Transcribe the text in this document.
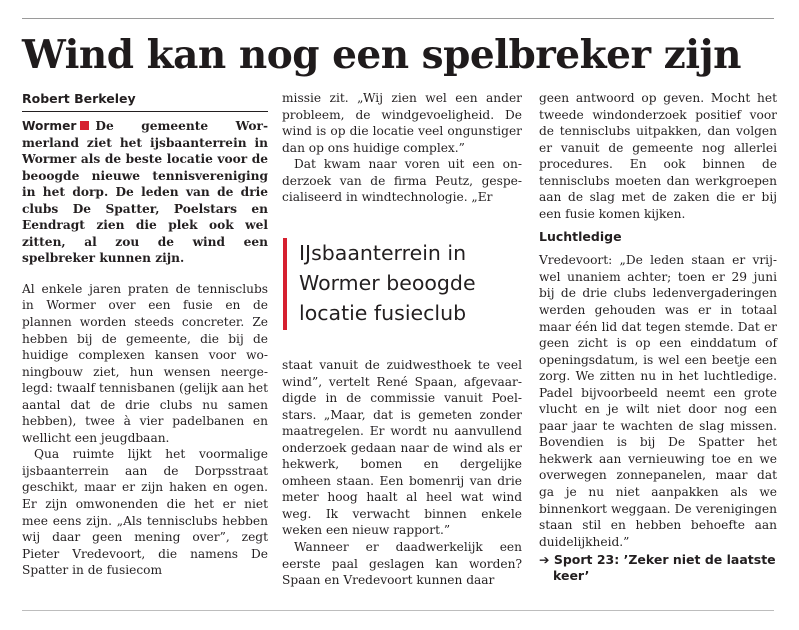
Wind kan nog een spelbreker zijn
Robert Berkeley
Wormer De gemeente Wormerland ziet het ijsbaanterrein in Wormer als de beste locatie voor de beoogde nieuwe tennisvereniging in het dorp. De leden van de drie clubs De Spatter, Poelstars en Eendragt zien die plek ook wel zitten, al zou de wind een spelbreker kunnen zijn.

Al enkele jaren praten de tennisclubs in Wormer over een fusie en de plannen worden steeds concreter. Ze hebben bij de gemeente, die bij de huidige complexen kansen voor woningbouw ziet, hun wensen neergelegd: twaalf tennisbanen (gelijk aan het aantal dat de drie clubs nu samen hebben), twee à vier padelbanen en wellicht een jeugdbaan.

Qua ruimte lijkt het voormalige ijsbaanterrein aan de Dorpsstraat geschikt, maar er zijn haken en ogen. Er zijn omwonenden die het er niet mee eens zijn. „Als tennisclubs hebben wij daar geen mening over”, zegt Pieter Vredevoort, die namens De Spatter in de fusiecom

missie zit. „Wij zien wel een ander probleem, de windgevoeligheid. De wind is op die locatie veel ongunstiger dan op ons huidige complex.”

Dat kwam naar voren uit een onderzoek van de firma Peutz, gespecialiseerd in windtechnologie. „Er

IJsbaanterrein in Wormer beoogde locatie fusieclub

staat vanuit de zuidwesthoek te veel wind”, vertelt René Spaan, afgevaardigde in de commissie vanuit Poelstars. „Maar, dat is gemeten zonder maatregelen. Er wordt nu aanvullend onderzoek gedaan naar de wind als er hekwerk, bomen en dergelijke omheen staan. Een bomenrij van drie meter hoog haalt al heel wat wind weg. Ik verwacht binnen enkele weken een nieuw rapport.”

Wanneer er daadwerkelijk een eerste paal geslagen kan worden? Spaan en Vredevoort kunnen daar

geen antwoord op geven. Mocht het tweede windonderzoek positief voor de tennisclubs uitpakken, dan volgen er vanuit de gemeente nog allerlei procedures. En ook binnen de tennisclubs moeten dan werkgroepen aan de slag met de zaken die er bij een fusie komen kijken.

Luchtledige

Vredevoort: „De leden staan er vrijwel unaniem achter; toen er 29 juni bij de drie clubs ledenvergaderingen werden gehouden was er in totaal maar één lid dat tegen stemde. Dat er geen zicht is op een einddatum of openingsdatum, is wel een beetje een zorg. We zitten nu in het luchtledige. Padel bijvoorbeeld neemt een grote vlucht en je wilt niet door nog een paar jaar te wachten de slag missen. Bovendien is bij De Spatter het hekwerk aan vernieuwing toe en we overwegen zonnepanelen, maar dat ga je nu niet aanpakken als we binnenkort weggaan. De verenigingen staan stil en hebben behoefte aan duidelijkheid.”

➔ Sport 23: ’Zeker niet de laatste keer’
